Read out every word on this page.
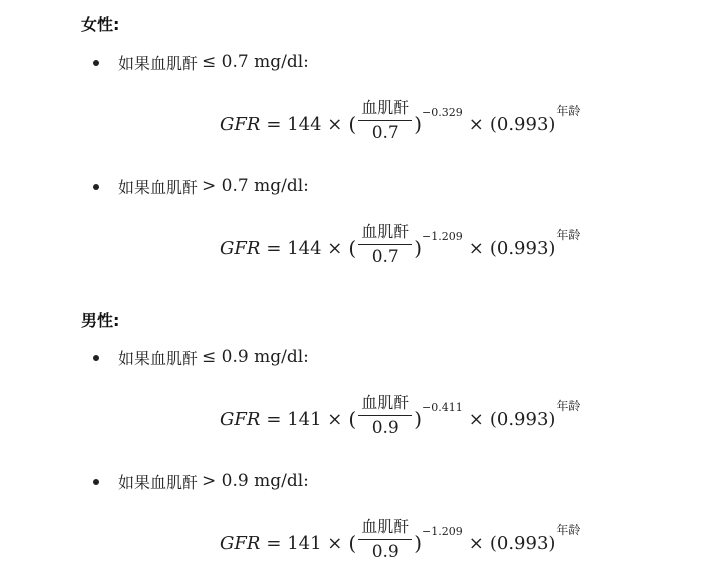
女性:
如果血肌酐 ≤ 0.7 mg/dl:
GFR = 144 × ( $\frac{\text{血肌酐}}{0.7}$ ) −0.329
× (0.993)
年龄
如果血肌酐 > 0.7 mg/dl:
GFR = 144 × ( $\frac{\text{血肌酐}}{0.7}$ ) −1.209
× (0.993)
年龄
男性:
如果血肌酐 ≤ 0.9 mg/dl:
GFR = 141 × ( $\frac{\text{血肌酐}}{0.9}$ ) −0.411
× (0.993)
年龄
如果血肌酐 > 0.9 mg/dl:
GFR = 141 × ( $\frac{\text{血肌酐}}{0.9}$ ) −1.209
× (0.993)
年龄
